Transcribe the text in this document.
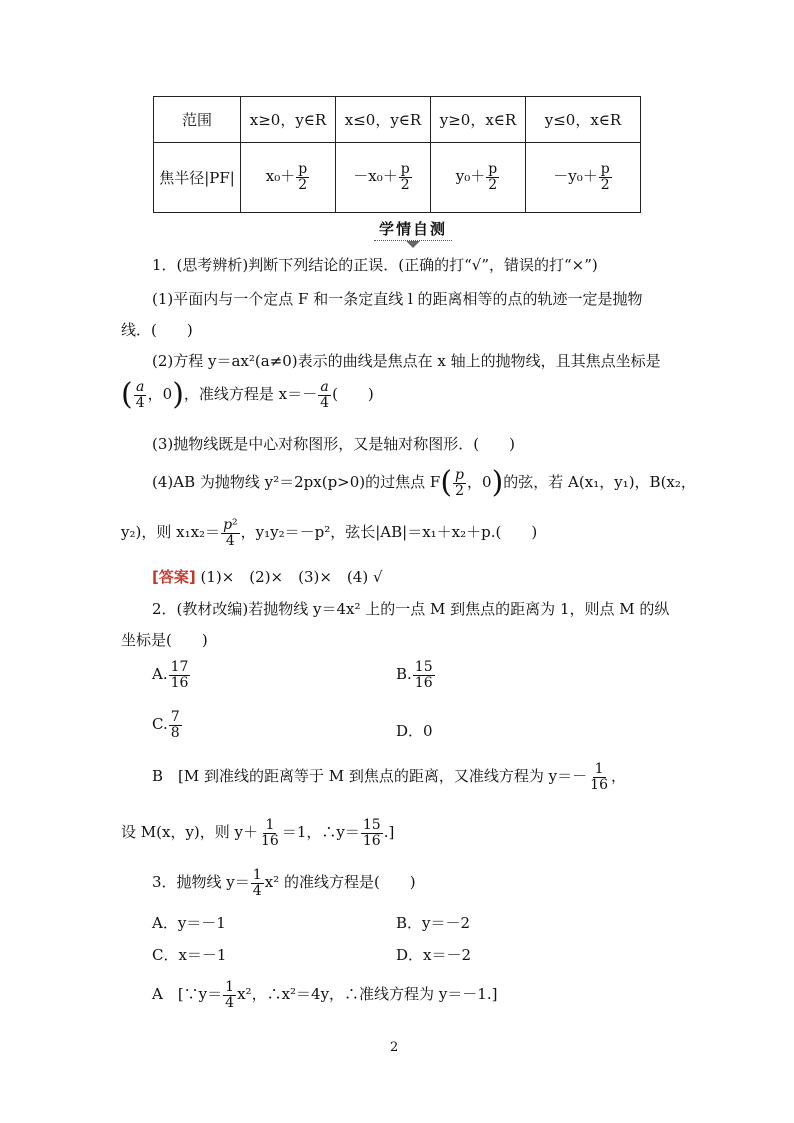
范围	x≥0，y∈R	x≤0，y∈R	y≥0，x∈R	y≤0，x∈R
焦半径|PF|	$x_0+ \frac{p}{2}$	$-x_0+ \frac{p}{2}$	$y_0+ \frac{p}{2}$	$-y_0+ \frac{p}{2}$
学情自测
1．(思考辨析)判断下列结论的正误．(正确的打“√”，错误的打“×”)
(1)平面内与一个定点 F 和一条定直线 l 的距离相等的点的轨迹一定是抛物
线．(　　)
(2)方程 y＝ax²(a≠0)表示的曲线是焦点在 x 轴上的抛物线，且其焦点坐标是
( $\frac{a}{4}$ ，0)，准线方程是 $x=- \frac{a}{4}$ (　　)
(3)抛物线既是中心对称图形，又是轴对称图形．(　　)
(4)AB 为抛物线 y²＝2px(p>0)的过焦点 $F( \frac{p}{2}$ ，0)的弦，若 A(x₁，y₁)，B(x₂，
y₂)，则 $x_1x_2= \frac{\text{p²}}{4}$ ，y₁y₂＝－p²，弦长|AB|＝x₁＋x₂＋p.(　　)
[答案] (1)×　(2)×　(3)×　(4) √
2．(教材改编)若抛物线 y＝4x² 上的一点 M 到焦点的距离为 1，则点 M 的纵
坐标是(　　)
A. $\frac{17}{16}$	B. $\frac{15}{16}$
C. $\frac{7}{8}$	D．0
B　[M 到准线的距离等于 M 到焦点的距离，又准线方程为 $y=- \frac{1}{16}$ ，
设 M(x，y)，则 $y+ \frac{1}{16} =1$，∴y＝ $\frac{15}{16}$ .]
3．抛物线 $y= \frac{1}{4} x^2$ 的准线方程是(　　)
A．y＝－1	B．y＝－2
C．x＝－1	D．x＝－2
A　[∵y＝ $\frac{1}{4} x^2$，∴x²＝4y，∴准线方程为 y＝－1.]
2
